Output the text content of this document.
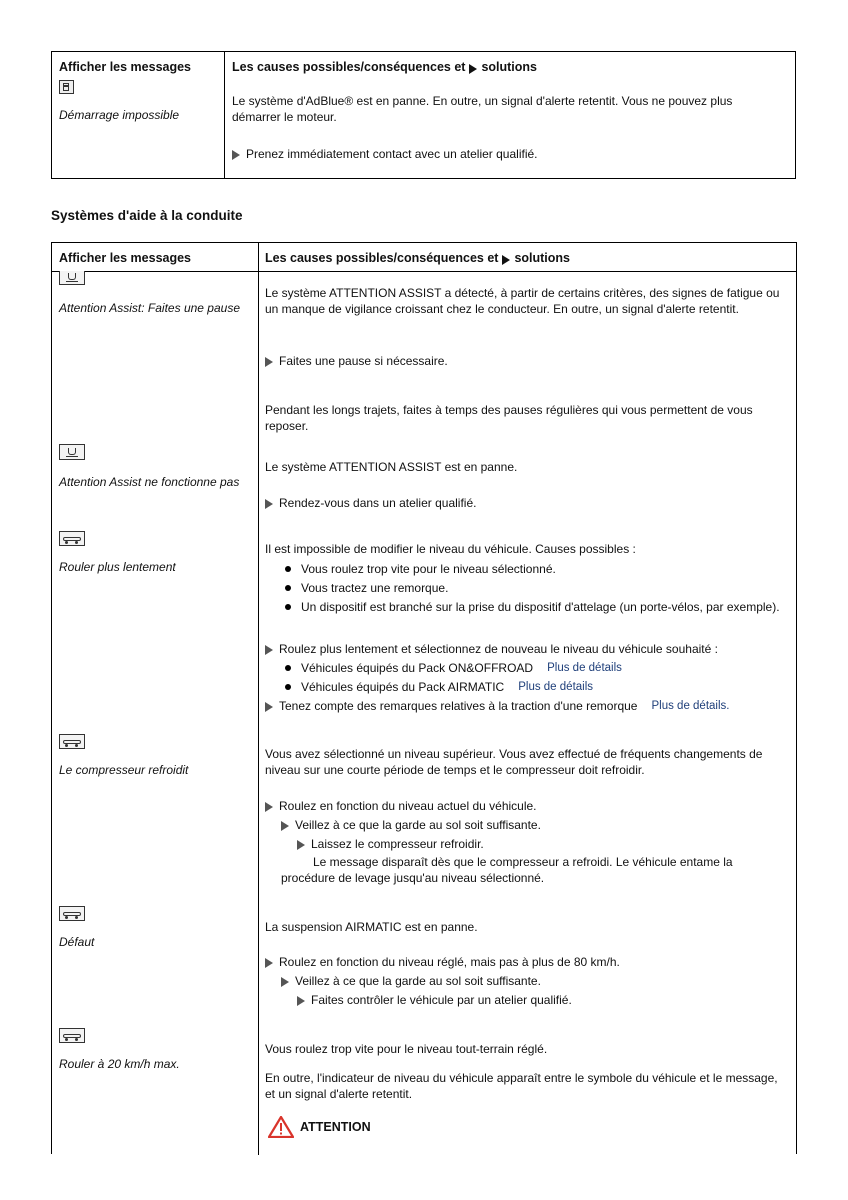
Afficher les messages	Les causes possibles/conséquences et solutions
Démarrage impossible
Le système d'AdBlue® est en panne. En outre, un signal d'alerte retentit. Vous ne pouvez plus démarrer le moteur.
Prenez immédiatement contact avec un atelier qualifié.
Systèmes d'aide à la conduite
Afficher les messages	Les causes possibles/conséquences et solutions
Attention Assist: Faites une pause
Le système ATTENTION ASSIST a détecté, à partir de certains critères, des signes de fatigue ou un manque de vigilance croissant chez le conducteur. En outre, un signal d'alerte retentit.
Faites une pause si nécessaire.
Pendant les longs trajets, faites à temps des pauses régulières qui vous permettent de vous reposer.
Attention Assist ne fonctionne pas
Le système ATTENTION ASSIST est en panne.
Rendez-vous dans un atelier qualifié.
Rouler plus lentement
Il est impossible de modifier le niveau du véhicule. Causes possibles :
Vous roulez trop vite pour le niveau sélectionné.
Vous tractez une remorque.
Un dispositif est branché sur la prise du dispositif d'attelage (un porte-vélos, par exemple).
Roulez plus lentement et sélectionnez de nouveau le niveau du véhicule souhaité :
Véhicules équipés du Pack ON&OFFROAD Plus de détails
Véhicules équipés du Pack AIRMATIC Plus de détails
Tenez compte des remarques relatives à la traction d'une remorque Plus de détails.
Le compresseur refroidit
Vous avez sélectionné un niveau supérieur. Vous avez effectué de fréquents changements de niveau sur une courte période de temps et le compresseur doit refroidir.
Roulez en fonction du niveau actuel du véhicule.
Veillez à ce que la garde au sol soit suffisante.
Laissez le compresseur refroidir.
Le message disparaît dès que le compresseur a refroidi. Le véhicule entame la
procédure de levage jusqu'au niveau sélectionné.
Défaut
La suspension AIRMATIC est en panne.
Roulez en fonction du niveau réglé, mais pas à plus de 80 km/h.
Veillez à ce que la garde au sol soit suffisante.
Faites contrôler le véhicule par un atelier qualifié.
Rouler à 20 km/h max.
Vous roulez trop vite pour le niveau tout-terrain réglé.
En outre, l'indicateur de niveau du véhicule apparaît entre le symbole du véhicule et le message, et un signal d'alerte retentit.
ATTENTION
